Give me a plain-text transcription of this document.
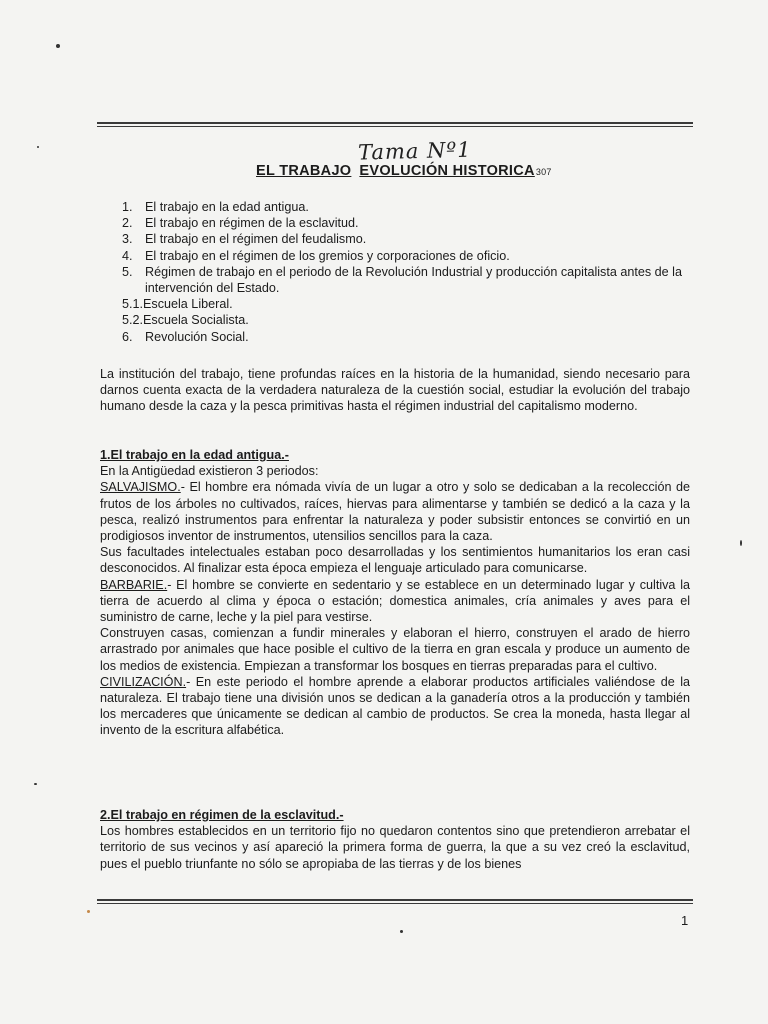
Tama Nº1
EL TRABAJO EVOLUCIÓN HISTORICA307
1. El trabajo en la edad antigua.
2. El trabajo en régimen de la esclavitud.
3. El trabajo en el régimen del feudalismo.
4. El trabajo en el régimen de los gremios y corporaciones de oficio.
5. Régimen de trabajo en el periodo de la Revolución Industrial y producción capitalista antes de la intervención del Estado.
5.1.Escuela Liberal.
5.2.Escuela Socialista.
6. Revolución Social.

La institución del trabajo, tiene profundas raíces en la historia de la humanidad, siendo necesario para darnos cuenta exacta de la verdadera naturaleza de la cuestión social, estudiar la evolución del trabajo humano desde la caza y la pesca primitivas hasta el régimen industrial del capitalismo moderno.

1.El trabajo en la edad antigua.-

En la Antigüedad existieron 3 periodos:

SALVAJISMO.- El hombre era nómada vivía de un lugar a otro y solo se dedicaban a la recolección de frutos de los árboles no cultivados, raíces, hiervas para alimentarse y también se dedicó a la caza y la pesca, realizó instrumentos para enfrentar la naturaleza y poder subsistir entonces se convirtió en un prodigiosos inventor de instrumentos, utensilios sencillos para la caza.

Sus facultades intelectuales estaban poco desarrolladas y los sentimientos humanitarios los eran casi desconocidos. Al finalizar esta época empieza el lenguaje articulado para comunicarse.

BARBARIE.- El hombre se convierte en sedentario y se establece en un determinado lugar y cultiva la tierra de acuerdo al clima y época o estación; domestica animales, cría animales y aves para el suministro de carne, leche y la piel para vestirse.

Construyen casas, comienzan a fundir minerales y elaboran el hierro, construyen el arado de hierro arrastrado por animales que hace posible el cultivo de la tierra en gran escala y produce un aumento de los medios de existencia. Empiezan a transformar los bosques en tierras preparadas para el cultivo.

CIVILIZACIÓN.- En este periodo el hombre aprende a elaborar productos artificiales valiéndose de la naturaleza. El trabajo tiene una división unos se dedican a la ganadería otros a la producción y también los mercaderes que únicamente se dedican al cambio de productos. Se crea la moneda, hasta llegar al invento de la escritura alfabética.

2.El trabajo en régimen de la esclavitud.-

Los hombres establecidos en un territorio fijo no quedaron contentos sino que pretendieron arrebatar el territorio de sus vecinos y así apareció la primera forma de guerra, la que a su vez creó la esclavitud, pues el pueblo triunfante no sólo se apropiaba de las tierras y de los bienes

1
